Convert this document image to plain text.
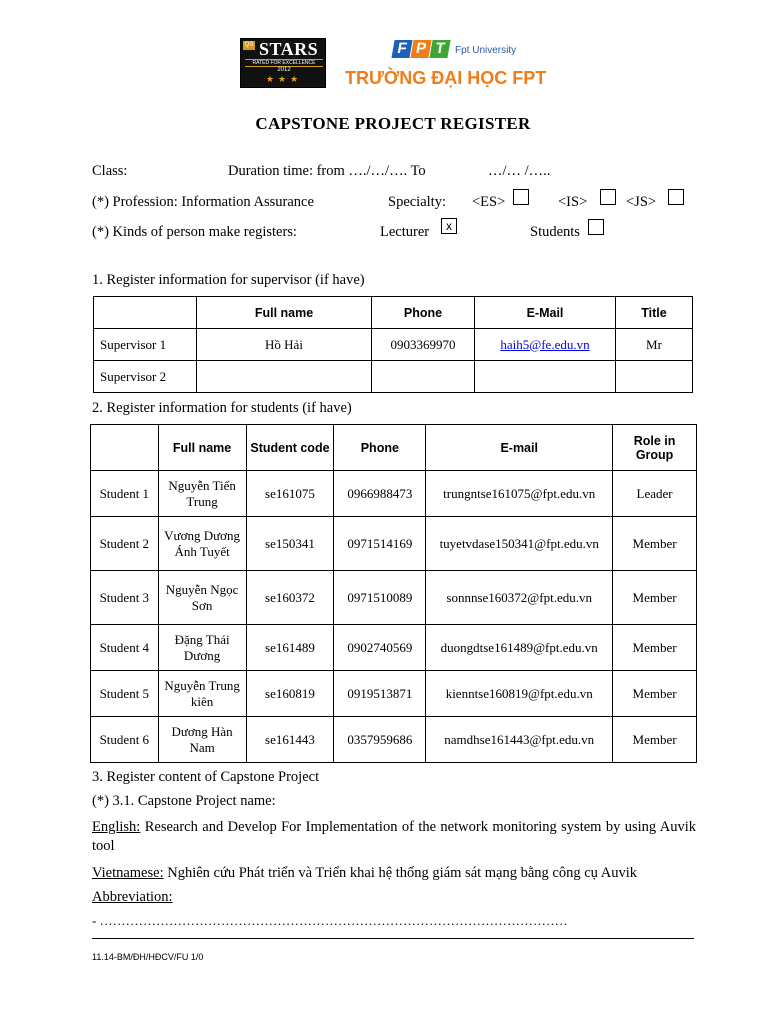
QS STARS
RATED FOR EXCELLENCE
2012
★★★
F P T Fpt University
TRƯỜNG ĐẠI HỌC FPT
CAPSTONE PROJECT REGISTER
Class:	Duration time: from …./…/…. To	…/… /…..
(*) Profession: Information Assurance	Specialty: <ES>	<IS>	<JS>
(*) Kinds of person make registers:	Lecturer	x	Students
1. Register information for supervisor (if have)
	Full name	Phone	E-Mail	Title
Supervisor 1	Hồ Hải	0903369970	haih5@fe.edu.vn	Mr
Supervisor 2				
2. Register information for students (if have)
	Full name	Student code	Phone	E-mail	Role in Group
Student 1	Nguyễn Tiến Trung	se161075	0966988473	trungntse161075@fpt.edu.vn	Leader
Student 2	Vương Dương Ánh Tuyết	se150341	0971514169	tuyetvdase150341@fpt.edu.vn	Member
Student 3	Nguyễn Ngọc Sơn	se160372	0971510089	sonnnse160372@fpt.edu.vn	Member
Student 4	Đặng Thái Dương	se161489	0902740569	duongdtse161489@fpt.edu.vn	Member
Student 5	Nguyễn Trung kiên	se160819	0919513871	kienntse160819@fpt.edu.vn	Member
Student 6	Dương Hàn Nam	se161443	0357959686	namdhse161443@fpt.edu.vn	Member
3. Register content of Capstone Project
(*) 3.1. Capstone Project name:
English: Research and Develop For Implementation of the network monitoring system by using Auvik tool
Vietnamese: Nghiên cứu Phát triển và Triển khai hệ thống giám sát mạng bằng công cụ Auvik
Abbreviation:
- ………………………………………………………………………………………………
11.14-BM/ĐH/HĐCV/FU 1/0
